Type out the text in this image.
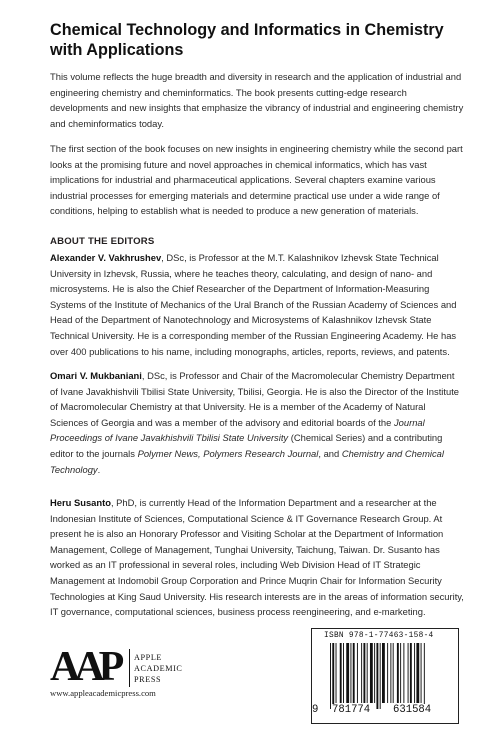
Chemical Technology and Informatics in Chemistry with Applications
This volume reflects the huge breadth and diversity in research and the application of industrial and engineering chemistry and cheminformatics. The book presents cutting-edge research developments and new insights that emphasize the vibrancy of industrial and engineering chemistry and cheminformatics today.
The first section of the book focuses on new insights in engineering chemistry while the second part looks at the promising future and novel approaches in chemical informatics, which has vast implications for industrial and pharmaceutical applications. Several chapters examine various industrial processes for emerging materials and determine practical use under a wide range of conditions, helping to establish what is needed to produce a new generation of materials.
ABOUT THE EDITORS
Alexander V. Vakhrushev, DSc, is Professor at the M.T. Kalashnikov Izhevsk State Technical University in Izhevsk, Russia, where he teaches theory, calculating, and design of nano- and microsystems. He is also the Chief Researcher of the Department of Information-Measuring Systems of the Institute of Mechanics of the Ural Branch of the Russian Academy of Sciences and Head of the Department of Nanotechnology and Microsystems of Kalashnikov Izhevsk State Technical University. He is a corresponding member of the Russian Engineering Academy. He has over 400 publications to his name, including monographs, articles, reports, reviews, and patents.
Omari V. Mukbaniani, DSc, is Professor and Chair of the Macromolecular Chemistry Department of Ivane Javakhishvili Tbilisi State University, Tbilisi, Georgia. He is also the Director of the Institute of Macromolecular Chemistry at that University. He is a member of the Academy of Natural Sciences of Georgia and was a member of the advisory and editorial boards of the Journal Proceedings of Ivane Javakhishvili Tbilisi State University (Chemical Series) and a contributing editor to the journals Polymer News, Polymers Research Journal, and Chemistry and Chemical Technology.
Heru Susanto, PhD, is currently Head of the Information Department and a researcher at the Indonesian Institute of Sciences, Computational Science & IT Governance Research Group. At present he is also an Honorary Professor and Visiting Scholar at the Department of Information Management, College of Management, Tunghai University, Taichung, Taiwan. Dr. Susanto has worked as an IT professional in several roles, including Web Division Head of IT Strategic Management at Indomobil Group Corporation and Prince Muqrin Chair for Information Security Technologies at King Saud University. His research interests are in the areas of information security, IT governance, computational sciences, business process reengineering, and e-marketing.
AAP	APPLE
ACADEMIC
PRESS
www.appleacademicpress.com
ISBN 978-1-77463-158-4
9 781774 631584
